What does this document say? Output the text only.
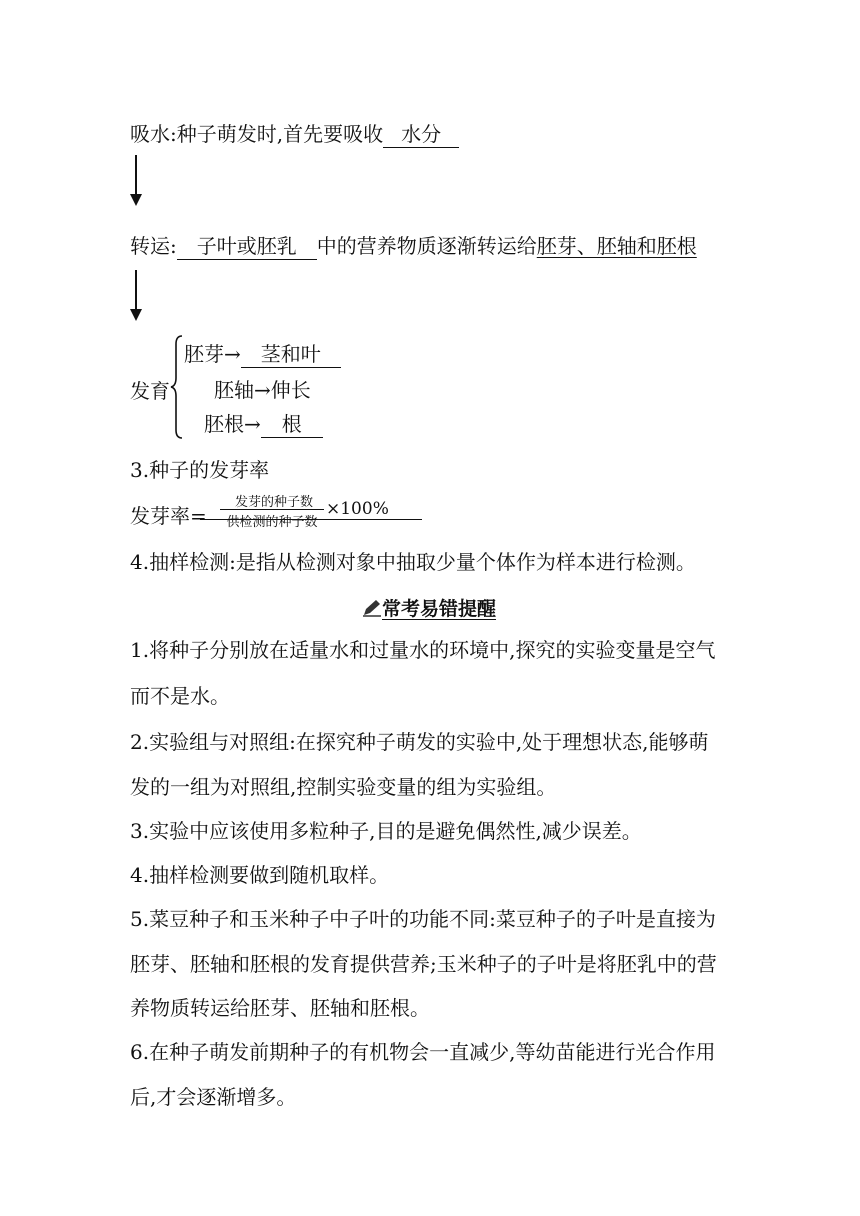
吸水:种子萌发时,首先要吸收 水分
转运: 子叶或胚乳 中的营养物质逐渐转运给胚芽、胚轴和胚根
发育
胚芽→ 茎和叶
胚轴→伸长
胚根→ 根
3.种子的发芽率
发芽率=
发芽的种子数
供检测的种子数
×100%
4.抽样检测:是指从检测对象中抽取少量个体作为样本进行检测。
常考易错提醒
1.将种子分别放在适量水和过量水的环境中,探究的实验变量是空气
而不是水。
2.实验组与对照组:在探究种子萌发的实验中,处于理想状态,能够萌
发的一组为对照组,控制实验变量的组为实验组。
3.实验中应该使用多粒种子,目的是避免偶然性,减少误差。
4.抽样检测要做到随机取样。
5.菜豆种子和玉米种子中子叶的功能不同:菜豆种子的子叶是直接为
胚芽、胚轴和胚根的发育提供营养;玉米种子的子叶是将胚乳中的营
养物质转运给胚芽、胚轴和胚根。
6.在种子萌发前期种子的有机物会一直减少,等幼苗能进行光合作用
后,才会逐渐增多。
